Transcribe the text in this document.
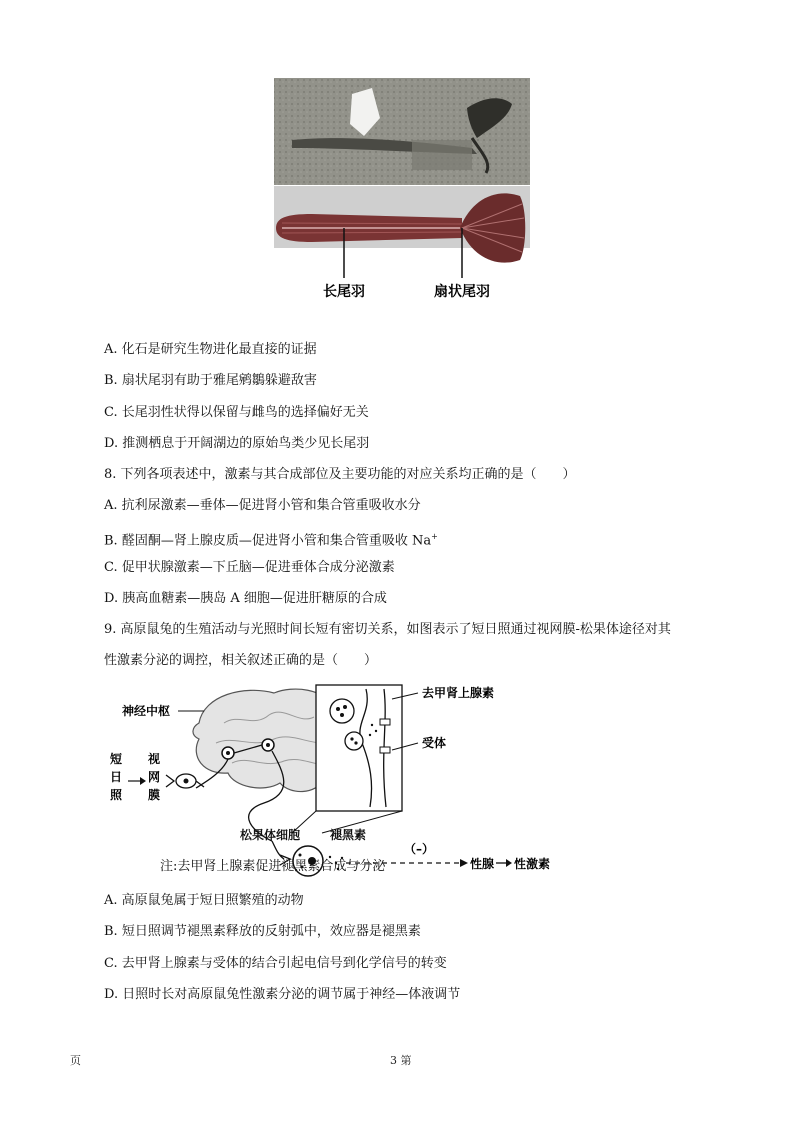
长尾羽	扇状尾羽
A. 化石是研究生物进化最直接的证据
B. 扇状尾羽有助于雅尾鹓鶵躲避敌害
C. 长尾羽性状得以保留与雌鸟的选择偏好无关
D. 推测栖息于开阔湖边的原始鸟类少见长尾羽
8. 下列各项表述中，激素与其合成部位及主要功能的对应关系均正确的是（　　）
A. 抗利尿激素—垂体—促进肾小管和集合管重吸收水分
B. 醛固酮—肾上腺皮质—促进肾小管和集合管重吸收 Na+
C. 促甲状腺激素—下丘脑—促进垂体合成分泌激素
D. 胰高血糖素—胰岛 A 细胞—促进肝糖原的合成
9. 高原鼠兔的生殖活动与光照时间长短有密切关系，如图表示了短日照通过视网膜-松果体途径对其
性激素分泌的调控，相关叙述正确的是（　　）
神经中枢
短
日
照
视
网
膜
去甲肾上腺素
受体
（–）
性腺 性激素
松果体细胞 褪黑素
注:去甲肾上腺素促进褪黑素合成与分泌
A. 高原鼠兔属于短日照繁殖的动物
B. 短日照调节褪黑素释放的反射弧中，效应器是褪黑素
C. 去甲肾上腺素与受体的结合引起电信号到化学信号的转变
D. 日照时长对高原鼠兔性激素分泌的调节属于神经—体液调节
页	3 第
